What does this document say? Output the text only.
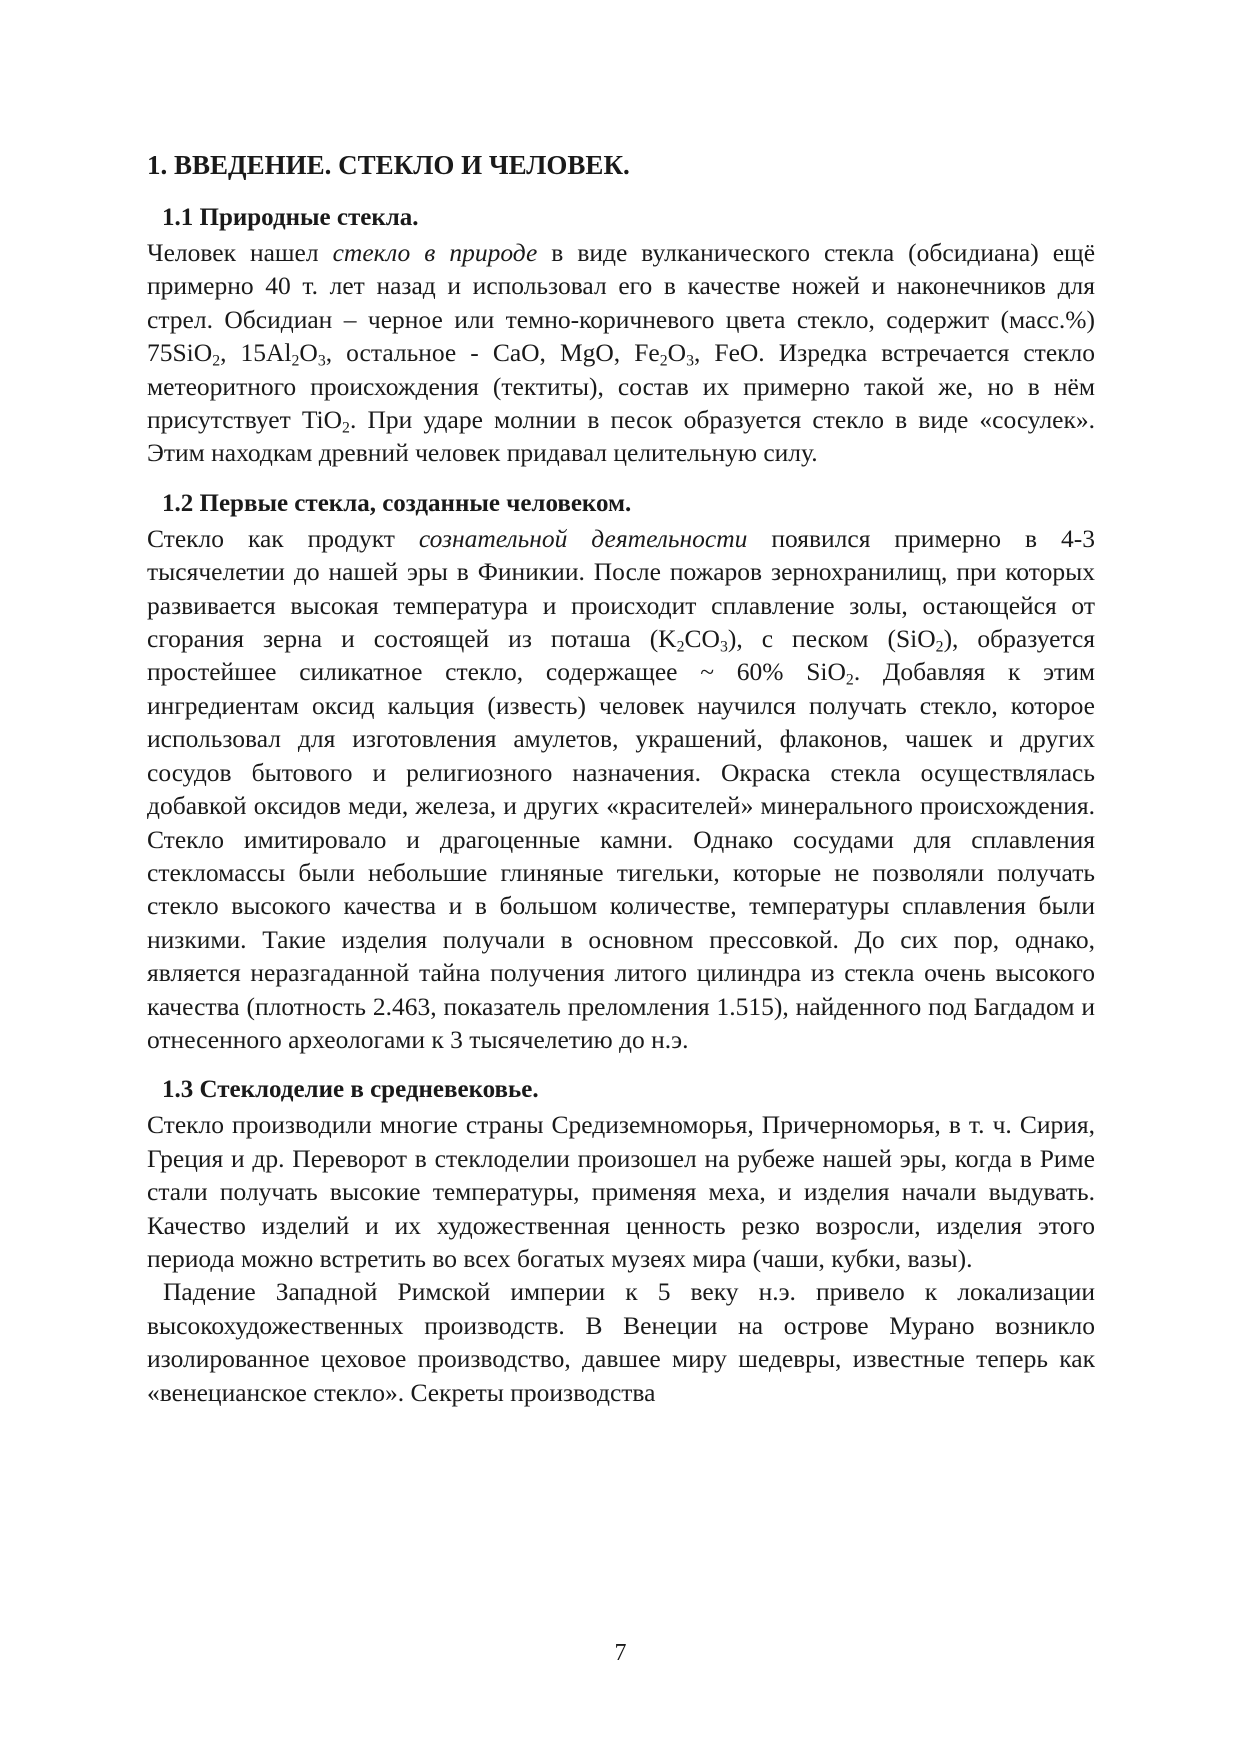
1. ВВЕДЕНИЕ. СТЕКЛО И ЧЕЛОВЕК.
1.1 Природные стекла.

Человек нашел стекло в природе в виде вулканического стекла (обсидиана) ещё примерно 40 т. лет назад и использовал его в качестве ножей и наконечников для стрел. Обсидиан – черное или темно-коричневого цвета стекло, содержит (масс.%) 75SiO$_2$, $15Al_2O_3$, остальное - CaO, MgO, $Fe_2O_3$, FeO. Изредка встречается стекло метеоритного происхождения (тектиты), состав их примерно такой же, но в нём присутствует TiO$_2$. При ударе молнии в песок образуется стекло в виде «сосулек». Этим находкам древний человек придавал целительную силу.

1.2 Первые стекла, созданные человеком.

Стекло как продукт сознательной деятельности появился примерно в 4-3 тысячелетии до нашей эры в Финикии. После пожаров зернохранилищ, при которых развивается высокая температура и происходит сплавление золы, остающейся от сгорания зерна и состоящей из поташа $(K_2CO_3)$, с песком (SiO$_2$), образуется простейшее силикатное стекло, содержащее ~ 60% SiO$_2$. Добавляя к этим ингредиентам оксид кальция (известь) человек научился получать стекло, которое использовал для изготовления амулетов, украшений, флаконов, чашек и других сосудов бытового и религиозного назначения. Окраска стекла осуществлялась добавкой оксидов меди, железа, и других «красителей» минерального происхождения. Стекло имитировало и драгоценные камни. Однако сосудами для сплавления стекломассы были небольшие глиняные тигельки, которые не позволяли получать стекло высокого качества и в большом количестве, температуры сплавления были низкими. Такие изделия получали в основном прессовкой. До сих пор, однако, является неразгаданной тайна получения литого цилиндра из стекла очень высокого качества (плотность 2.463, показатель преломления 1.515), найденного под Багдадом и отнесенного археологами к 3 тысячелетию до н.э.

1.3 Стеклоделие в средневековье.

Стекло производили многие страны Средиземноморья, Причерноморья, в т. ч. Сирия, Греция и др. Переворот в стеклоделии произошел на рубеже нашей эры, когда в Риме стали получать высокие температуры, применяя меха, и изделия начали выдувать. Качество изделий и их художественная ценность резко возросли, изделия этого периода можно встретить во всех богатых музеях мира (чаши, кубки, вазы).

Падение Западной Римской империи к 5 веку н.э. привело к локализации высокохудожественных производств. В Венеции на острове Мурано возникло изолированное цеховое производство, давшее миру шедевры, известные теперь как «венецианское стекло». Секреты производства

7
